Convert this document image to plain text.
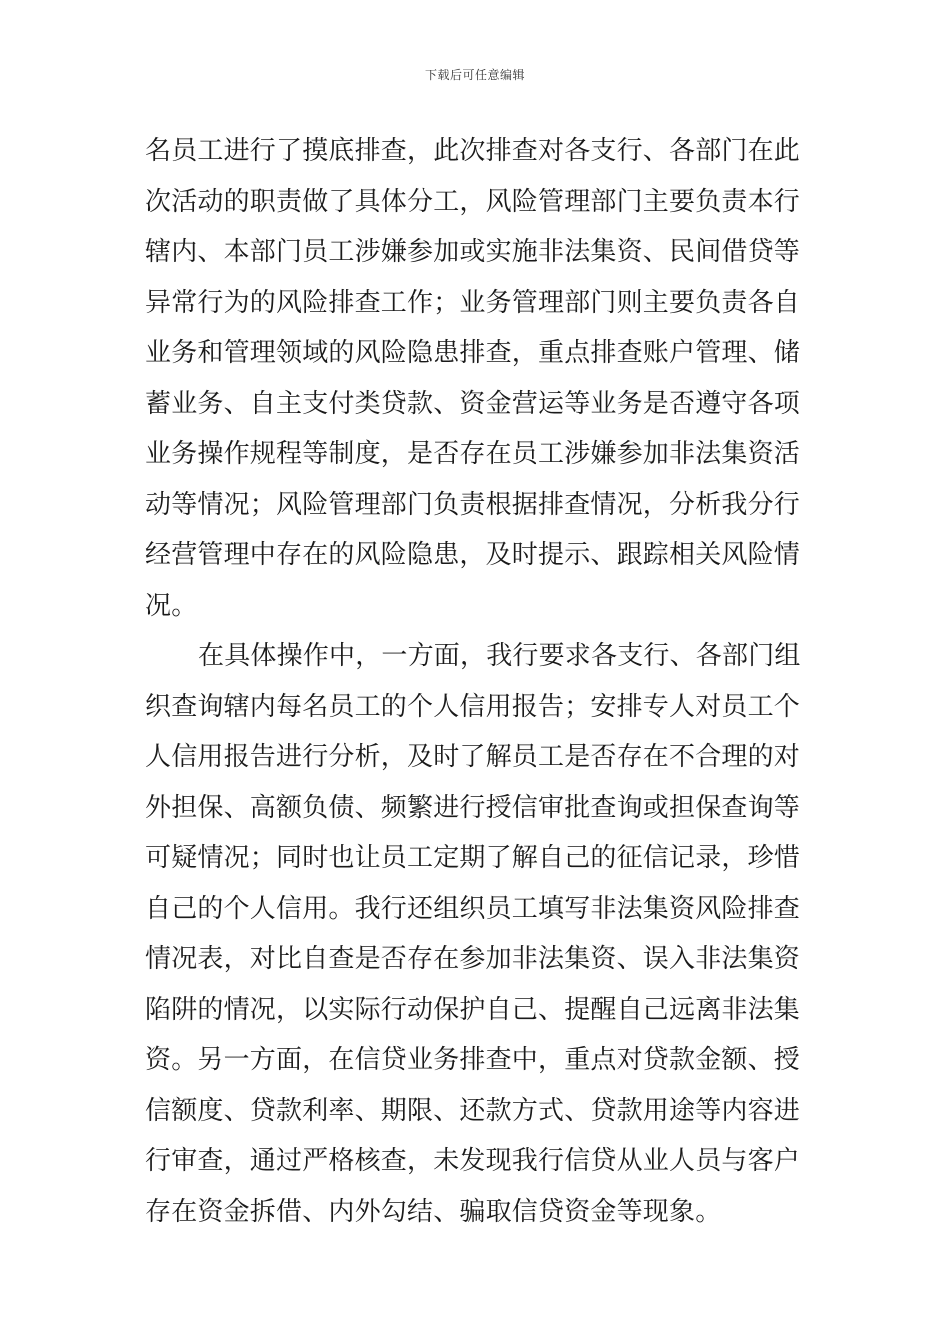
下载后可任意编辑
名员工进行了摸底排查，此次排查对各支行、各部门在此
次活动的职责做了具体分工，风险管理部门主要负责本行
辖内、本部门员工涉嫌参加或实施非法集资、民间借贷等
异常行为的风险排查工作；业务管理部门则主要负责各自
业务和管理领域的风险隐患排查，重点排查账户管理、储
蓄业务、自主支付类贷款、资金营运等业务是否遵守各项
业务操作规程等制度，是否存在员工涉嫌参加非法集资活
动等情况；风险管理部门负责根据排查情况，分析我分行
经营管理中存在的风险隐患，及时提示、跟踪相关风险情
况。
在具体操作中，一方面，我行要求各支行、各部门组
织查询辖内每名员工的个人信用报告；安排专人对员工个
人信用报告进行分析，及时了解员工是否存在不合理的对
外担保、高额负债、频繁进行授信审批查询或担保查询等
可疑情况；同时也让员工定期了解自己的征信记录，珍惜
自己的个人信用。我行还组织员工填写非法集资风险排查
情况表，对比自查是否存在参加非法集资、误入非法集资
陷阱的情况，以实际行动保护自己、提醒自己远离非法集
资。另一方面，在信贷业务排查中，重点对贷款金额、授
信额度、贷款利率、期限、还款方式、贷款用途等内容进
行审查，通过严格核查，未发现我行信贷从业人员与客户
存在资金拆借、内外勾结、骗取信贷资金等现象。
